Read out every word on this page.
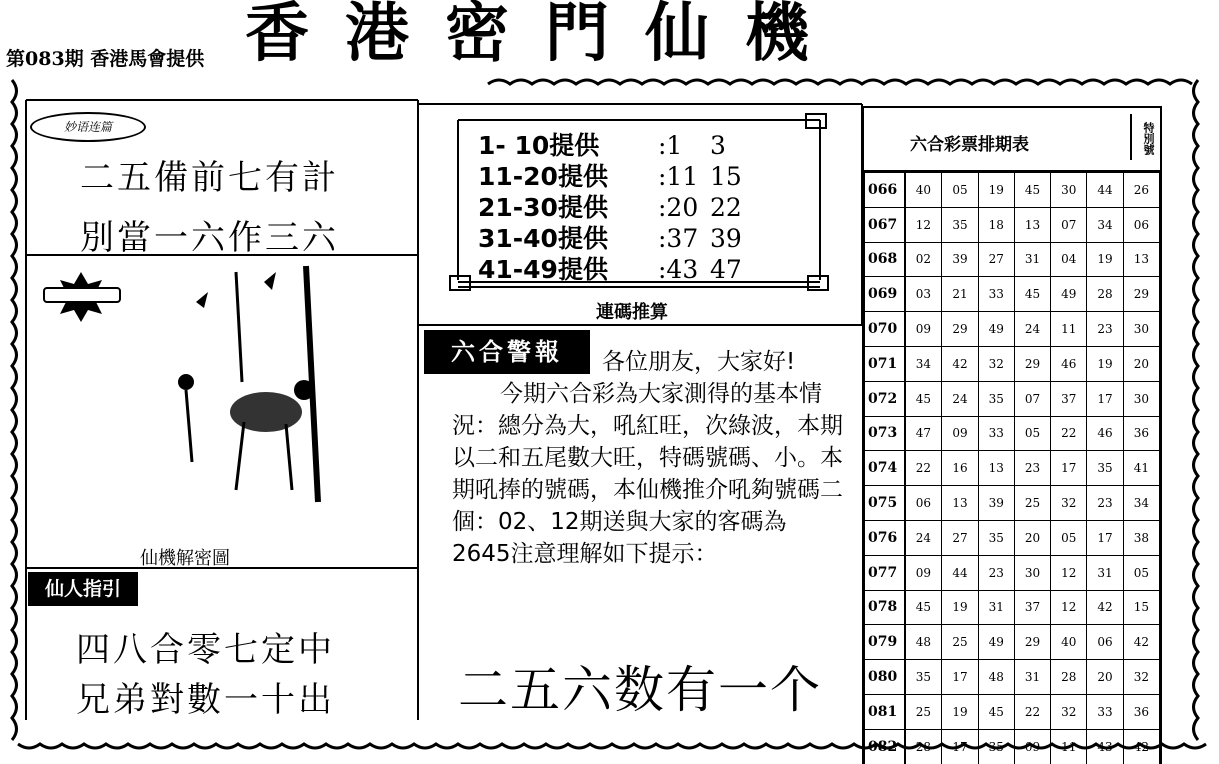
第083期 香港馬會提供 香港密門仙機
妙语连篇
二五備前七有計
別當一六作三六
仙機解密圖
仙人指引
四八合零七定中
兄弟對數一十出
1- 10提供	:1	3
11-20提供	:11 15
21-30提供	:20 22
31-40提供	:37 39
41-49提供	:43 47
連碼推算
六合警報	各位朋友，大家好!
今期六合彩為大家測得的基本情況：總分為大，吼紅旺，次綠波，本期以二和五尾數大旺，特碼號碼、小。本期吼捧的號碼，本仙機推介吼夠號碼二個：02、12期送與大家的客碼為2645注意理解如下提示：
二五六数有一个
六合彩票排期表	特別號
066	40	05	19	45	30	44	26
067	12	35	18	13	07	34	06
068	02	39	27	31	04	19	13
069	03	21	33	45	49	28	29
070	09	29	49	24	11	23	30
071	34	42	32	29	46	19	20
072	45	24	35	07	37	17	30
073	47	09	33	05	22	46	36
074	22	16	13	23	17	35	41
075	06	13	39	25	32	23	34
076	24	27	35	20	05	17	38
077	09	44	23	30	12	31	05
078	45	19	31	37	12	42	15
079	48	25	49	29	40	06	42
080	35	17	48	31	28	20	32
081	25	19	45	22	32	33	36
082	28	17	35	09	11	43	42
